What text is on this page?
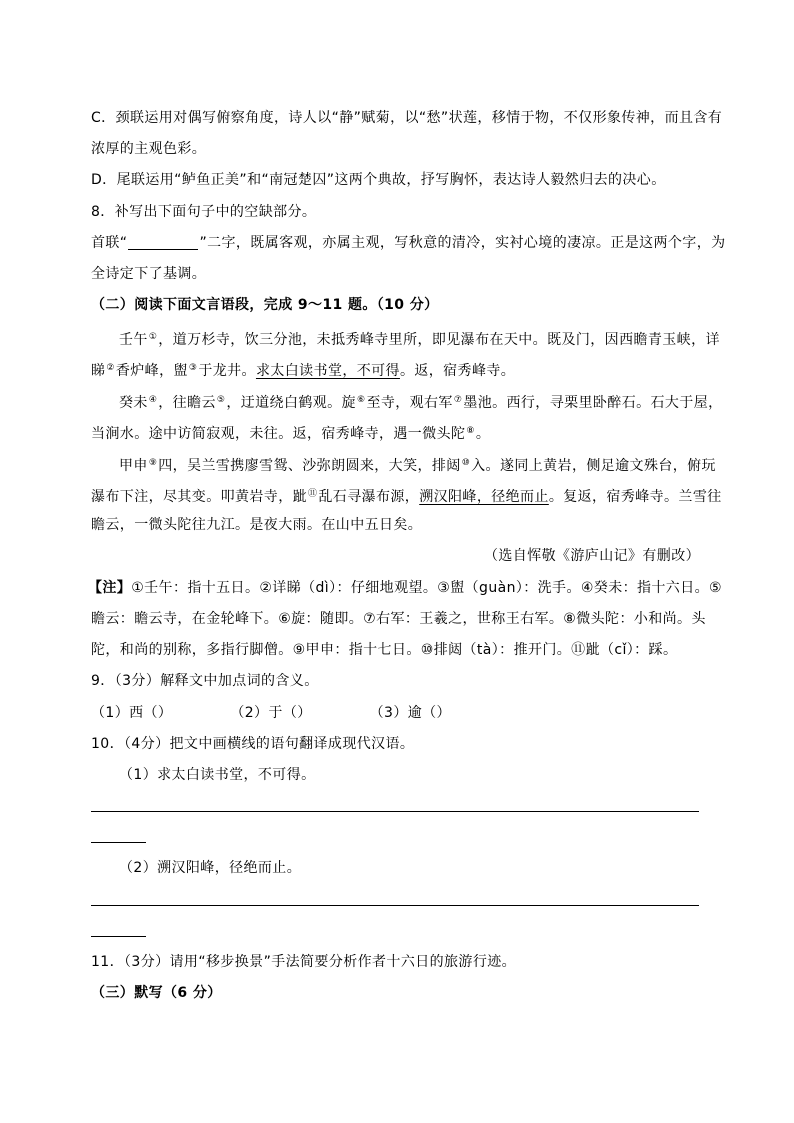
C．颈联运用对偶写俯察角度，诗人以“静”赋菊，以“愁”状莲，移情于物，不仅形象传神，而且含有
浓厚的主观色彩。
D．尾联运用“鲈鱼正美”和“南冠楚囚”这两个典故，抒写胸怀，表达诗人毅然归去的决心。
8．补写出下面句子中的空缺部分。
首联“	”二字，既属客观，亦属主观，写秋意的清冷，实衬心境的凄凉。正是这两个字，为
全诗定下了基调。
（二）阅读下面文言语段，完成 9～11 题。（10 分）
壬午①，道万杉寺，饮三分池，未抵秀峰寺里所，即见瀑布在天中。既及门，因西瞻青玉峡，详
睇②香炉峰，盥③于龙井。求太白读书堂，不可得。返，宿秀峰寺。
癸未④，往瞻云⑤，迂道绕白鹤观。旋⑥至寺，观右军⑦墨池。西行，寻栗里卧醉石。石大于屋，
当涧水。途中访简寂观，未往。返，宿秀峰寺，遇一微头陀⑧。
甲申⑨四，吴兰雪携廖雪鸳、沙弥朗圆来，大笑，排闼⑩入。遂同上黄岩，侧足逾文殊台，俯玩
瀑布下注，尽其变。叩黄岩寺，跐⑪乱石寻瀑布源，溯汉阳峰，径绝而止。复返，宿秀峰寺。兰雪往
瞻云，一微头陀往九江。是夜大雨。在山中五日矣。
（选自恽敬《游庐山记》有删改）
【注】①壬午：指十五日。②详睇（dì）：仔细地观望。③盥（guàn）：洗手。④癸未：指十六日。⑤
瞻云：瞻云寺，在金轮峰下。⑥旋：随即。⑦右军：王羲之，世称王右军。⑧微头陀：小和尚。头
陀，和尚的别称，多指行脚僧。⑨甲申：指十七日。⑩排闼（tà）：推开门。⑪跐（cǐ）：踩。
9．（3分）解释文中加点词的含义。
（1）西（）	（2）于（）	（3）逾（）
10．（4分）把文中画横线的语句翻译成现代汉语。
（1）求太白读书堂，不可得。
（2）溯汉阳峰，径绝而止。
11．（3分）请用“移步换景”手法简要分析作者十六日的旅游行迹。
（三）默写（6 分）
